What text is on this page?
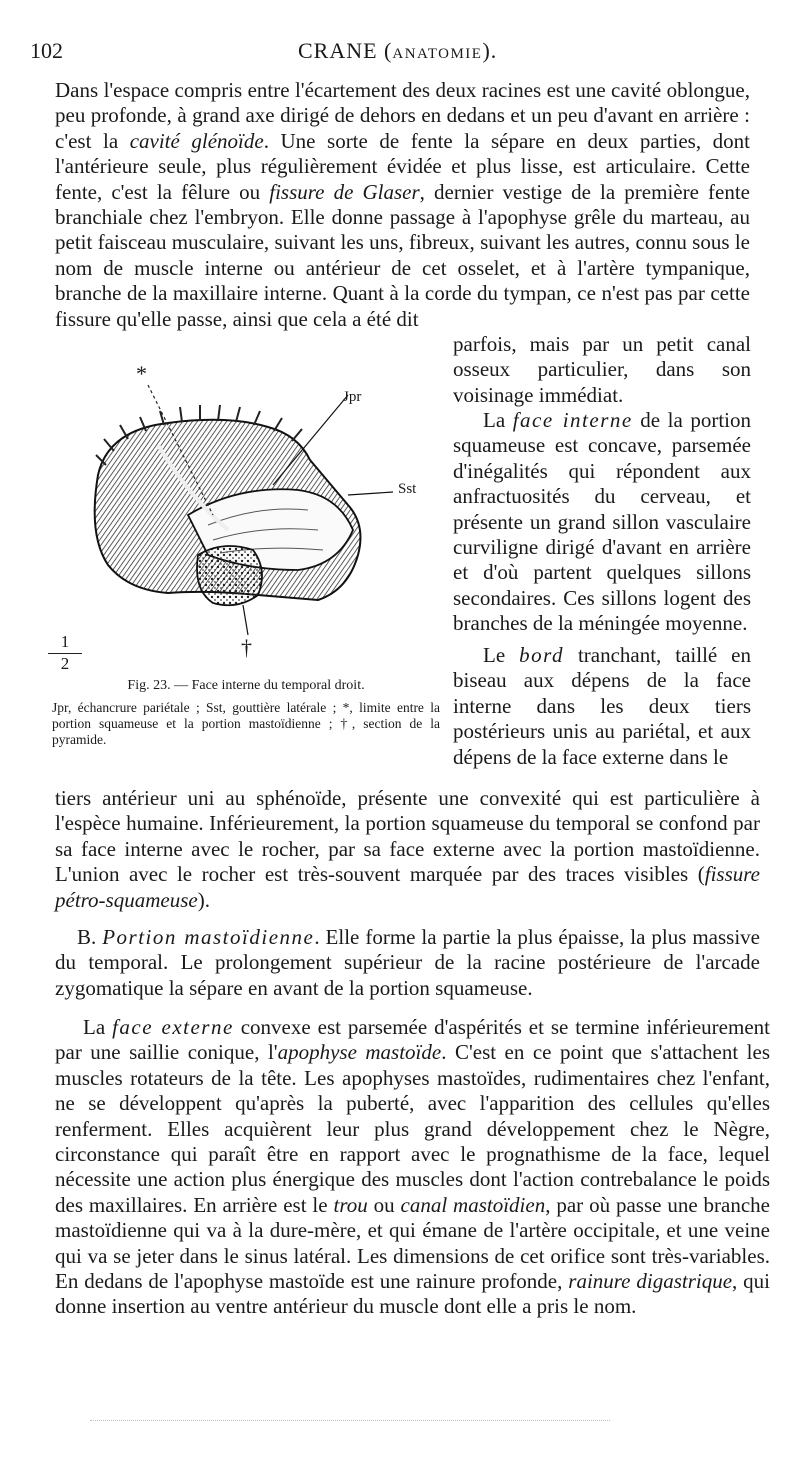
102	CRANE (ANATOMIE).

Dans l'espace compris entre l'écartement des deux racines est une cavité oblongue, peu profonde, à grand axe dirigé de dehors en dedans et un peu d'avant en arrière : c'est la cavité glénoïde. Une sorte de fente la sépare en deux parties, dont l'antérieure seule, plus régulièrement évidée et plus lisse, est articulaire. Cette fente, c'est la fêlure ou fissure de Glaser, dernier vestige de la première fente branchiale chez l'embryon. Elle donne passage à l'apophyse grêle du marteau, au petit faisceau musculaire, suivant les uns, fibreux, suivant les autres, connu sous le nom de muscle interne ou antérieur de cet osselet, et à l'artère tympanique, branche de la maxillaire interne. Quant à la corde du tympan, ce n'est pas par cette fissure qu'elle passe, ainsi que cela a été dit

parfois, mais par un petit canal osseux particulier, dans son voisinage immédiat.

La face interne de la portion squameuse est concave, parsemée d'inégalités qui répondent aux anfractuosités du cerveau, et présente un grand sillon vasculaire curviligne dirigé d'avant en arrière et d'où partent quelques sillons secondaires. Ces sillons logent des branches de la méningée moyenne.

Le bord tranchant, taillé en biseau aux dépens de la face interne dans les deux tiers postérieurs unis au pariétal, et aux dépens de la face externe dans le

tiers antérieur uni au sphénoïde, présente une convexité qui est particulière à l'espèce humaine. Inférieurement, la portion squameuse du temporal se confond par sa face interne avec le rocher, par sa face externe avec la portion mastoïdienne. L'union avec le rocher est très-souvent marquée par des traces visibles (fissure pétro-squameuse).

B. Portion mastoïdienne. Elle forme la partie la plus épaisse, la plus massive du temporal. Le prolongement supérieur de la racine postérieure de l'arcade zygomatique la sépare en avant de la portion squameuse.

La face externe convexe est parsemée d'aspérités et se termine inférieurement par une saillie conique, l'apophyse mastoïde. C'est en ce point que s'attachent les muscles rotateurs de la tête. Les apophyses mastoïdes, rudimentaires chez l'enfant, ne se développent qu'après la puberté, avec l'apparition des cellules qu'elles renferment. Elles acquièrent leur plus grand développement chez le Nègre, circonstance qui paraît être en rapport avec le prognathisme de la face, lequel nécessite une action plus énergique des muscles dont l'action contrebalance le poids des maxillaires. En arrière est le trou ou canal mastoïdien, par où passe une branche mastoïdienne qui va à la dure-mère, et qui émane de l'artère occipitale, et une veine qui va se jeter dans le sinus latéral. Les dimensions de cet orifice sont très-variables. En dedans de l'apophyse mastoïde est une rainure profonde, rainure digastrique, qui donne insertion au ventre antérieur du muscle dont elle a pris le nom.

*
Jpr
Sst
†
$\frac{1}{2}$
Fig. 23. — Face interne du temporal droit.
Jpr, échancrure pariétale ; Sst, gouttière latérale ; *, limite entre la portion squameuse et la portion mastoïdienne ; †, section de la pyramide.
